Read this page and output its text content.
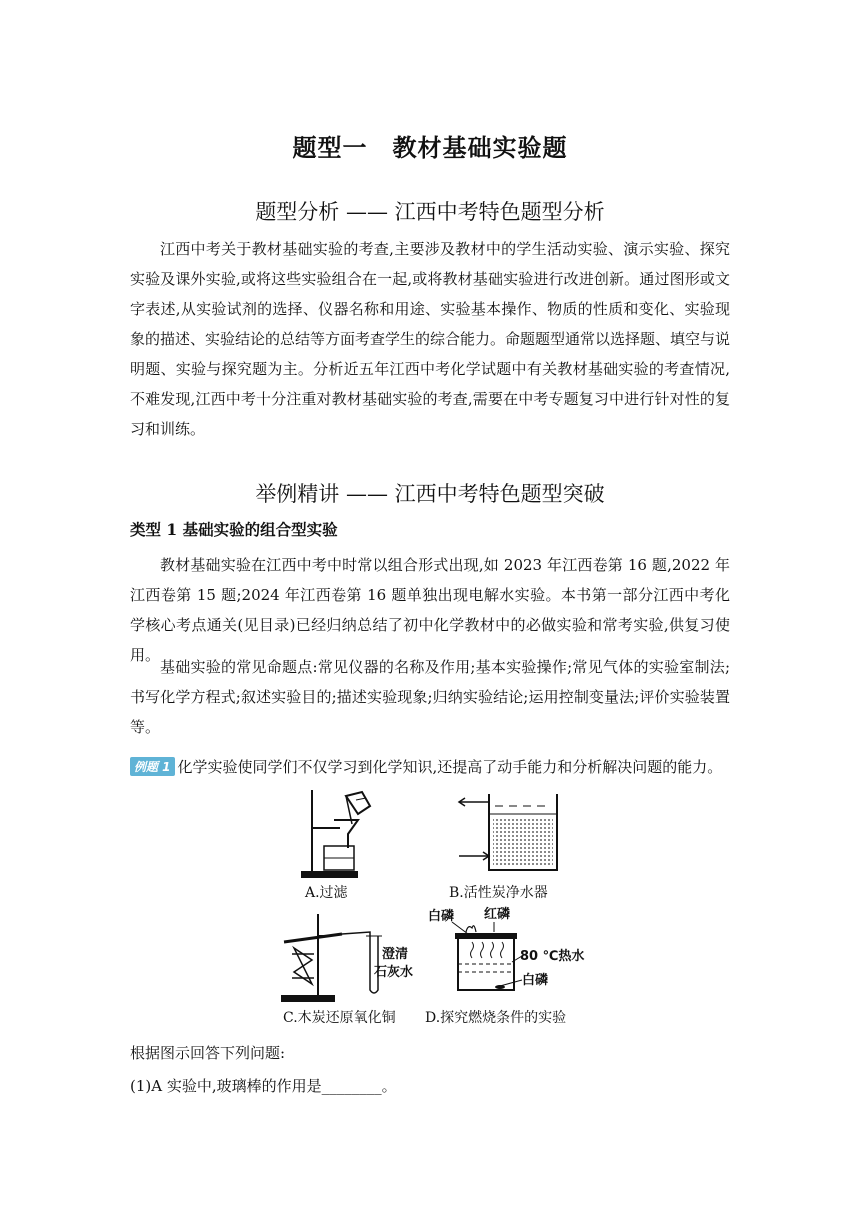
题型一　教材基础实验题
题型分析 —— 江西中考特色题型分析
江西中考关于教材基础实验的考查,主要涉及教材中的学生活动实验、演示实验、探究实验及课外实验,或将这些实验组合在一起,或将教材基础实验进行改进创新。通过图形或文字表述,从实验试剂的选择、仪器名称和用途、实验基本操作、物质的性质和变化、实验现象的描述、实验结论的总结等方面考查学生的综合能力。命题题型通常以选择题、填空与说明题、实验与探究题为主。分析近五年江西中考化学试题中有关教材基础实验的考查情况,不难发现,江西中考十分注重对教材基础实验的考查,需要在中考专题复习中进行针对性的复习和训练。
举例精讲 —— 江西中考特色题型突破
类型 1 基础实验的组合型实验
教材基础实验在江西中考中时常以组合形式出现,如 2023 年江西卷第 16 题,2022 年江西卷第 15 题;2024 年江西卷第 16 题单独出现电解水实验。本书第一部分江西中考化学核心考点通关(见目录)已经归纳总结了初中化学教材中的必做实验和常考实验,供复习使用。
基础实验的常见命题点:常见仪器的名称及作用;基本实验操作;常见气体的实验室制法;书写化学方程式;叙述实验目的;描述实验现象;归纳实验结论;运用控制变量法;评价实验装置等。
例题 1 化学实验使同学们不仅学习到化学知识,还提高了动手能力和分析解决问题的能力。
A.过滤	B.活性炭净水器
澄清
石灰水
C.木炭还原氧化铜
白磷 红磷
80 ℃热水
白磷
D.探究燃烧条件的实验
根据图示回答下列问题:
(1)A 实验中,玻璃棒的作用是________。
